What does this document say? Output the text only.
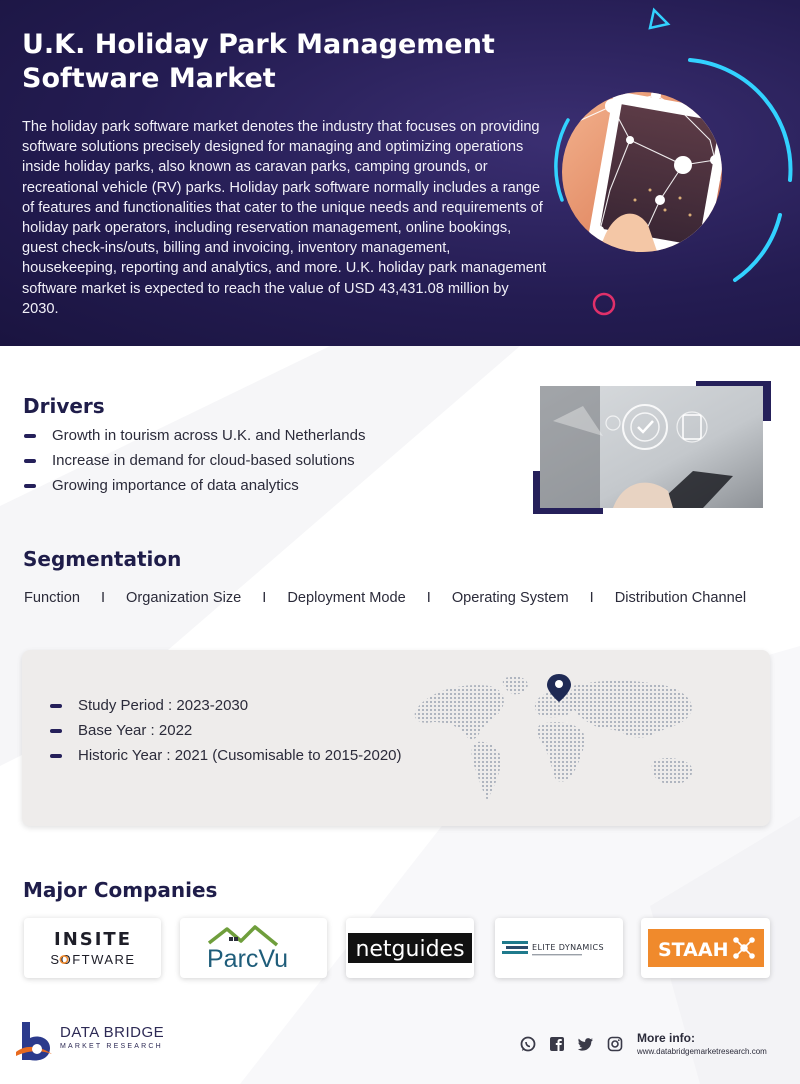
U.K. Holiday Park Management
Software Market

The holiday park software market denotes the industry that focuses on providing software solutions precisely designed for managing and optimizing operations inside holiday parks, also known as caravan parks, camping grounds, or recreational vehicle (RV) parks. Holiday park software normally includes a range of features and functionalities that cater to the unique needs and requirements of holiday park operators, including reservation management, online bookings, guest check-ins/outs, billing and invoicing, inventory management, housekeeping, reporting and analytics, and more. U.K. holiday park management software market is expected to reach the value of USD 43,431.08 million by 2030.

Drivers
Growth in tourism across U.K. and Netherlands
Increase in demand for cloud-based solutions
Growing importance of data analytics
Segmentation
Function I Organization Size I Deployment Mode I Operating System I Distribution Channel
Study Period : 2023-2030
Base Year : 2022
Historic Year : 2021 (Cusomisable to 2015-2020)
Major Companies
INSITE
SOFTWARE	ParcVu	netguides	ELITE DYNAMICS	STAAH
DATA BRIDGE
MARKET RESEARCH
More info:
www.databridgemarketresearch.com
